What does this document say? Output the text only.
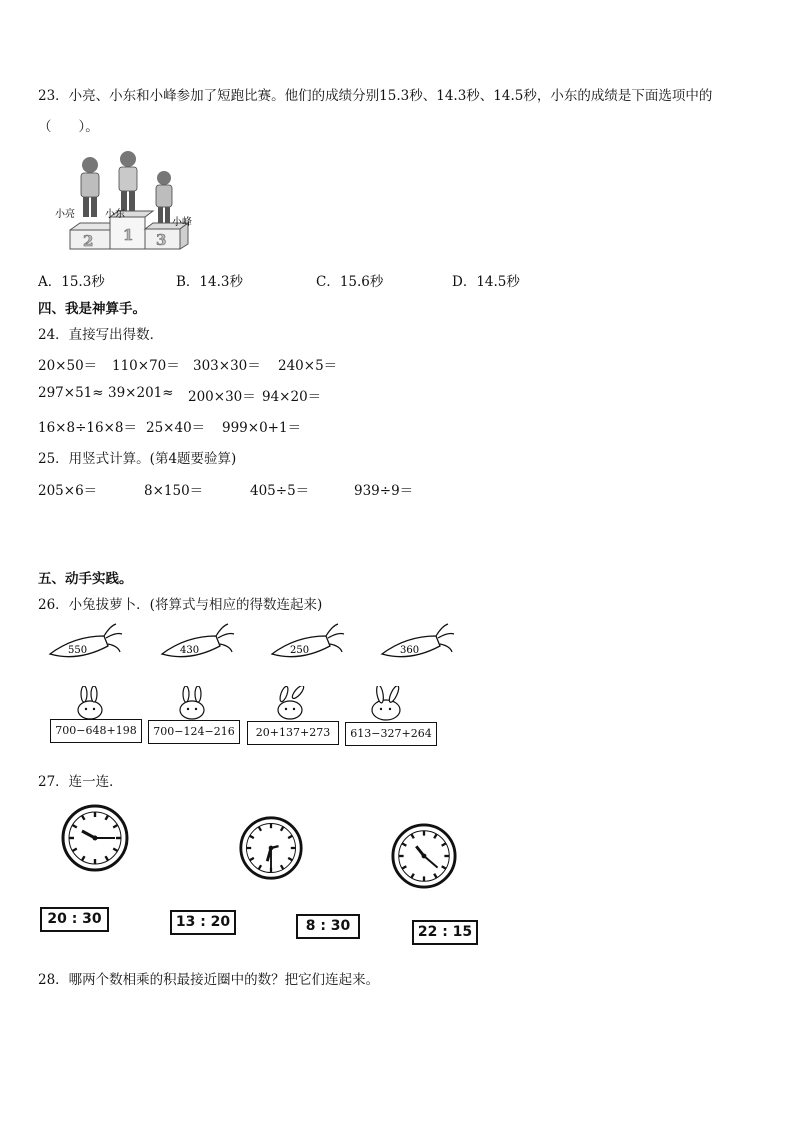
23．小亮、小东和小峰参加了短跑比赛。他们的成绩分别15.3秒、14.3秒、14.5秒，小东的成绩是下面选项中的
（　　）。
2 1 3
小亮	小东
小峰
A．15.3秒	B．14.3秒	C．15.6秒	D．14.5秒
四、我是神算手。
24．直接写出得数．
20×50＝ 110×70＝ 303×30＝ 240×5＝
297×51≈ 39×201≈ 200×30＝ 94×20＝
16×8÷16×8＝ 25×40＝ 999×0+1＝
25．用竖式计算。(第4题要验算)
205×6＝	8×150＝	405÷5＝	939÷9＝
五、动手实践。
26．小兔拔萝卜．(将算式与相应的得数连起来)
550	430	250	360
700−648+198	700−124−216	20+137+273	613−327+264
27．连一连．
20 : 30	13 : 20	8 : 30	22 : 15
28．哪两个数相乘的积最接近圈中的数？把它们连起来。
